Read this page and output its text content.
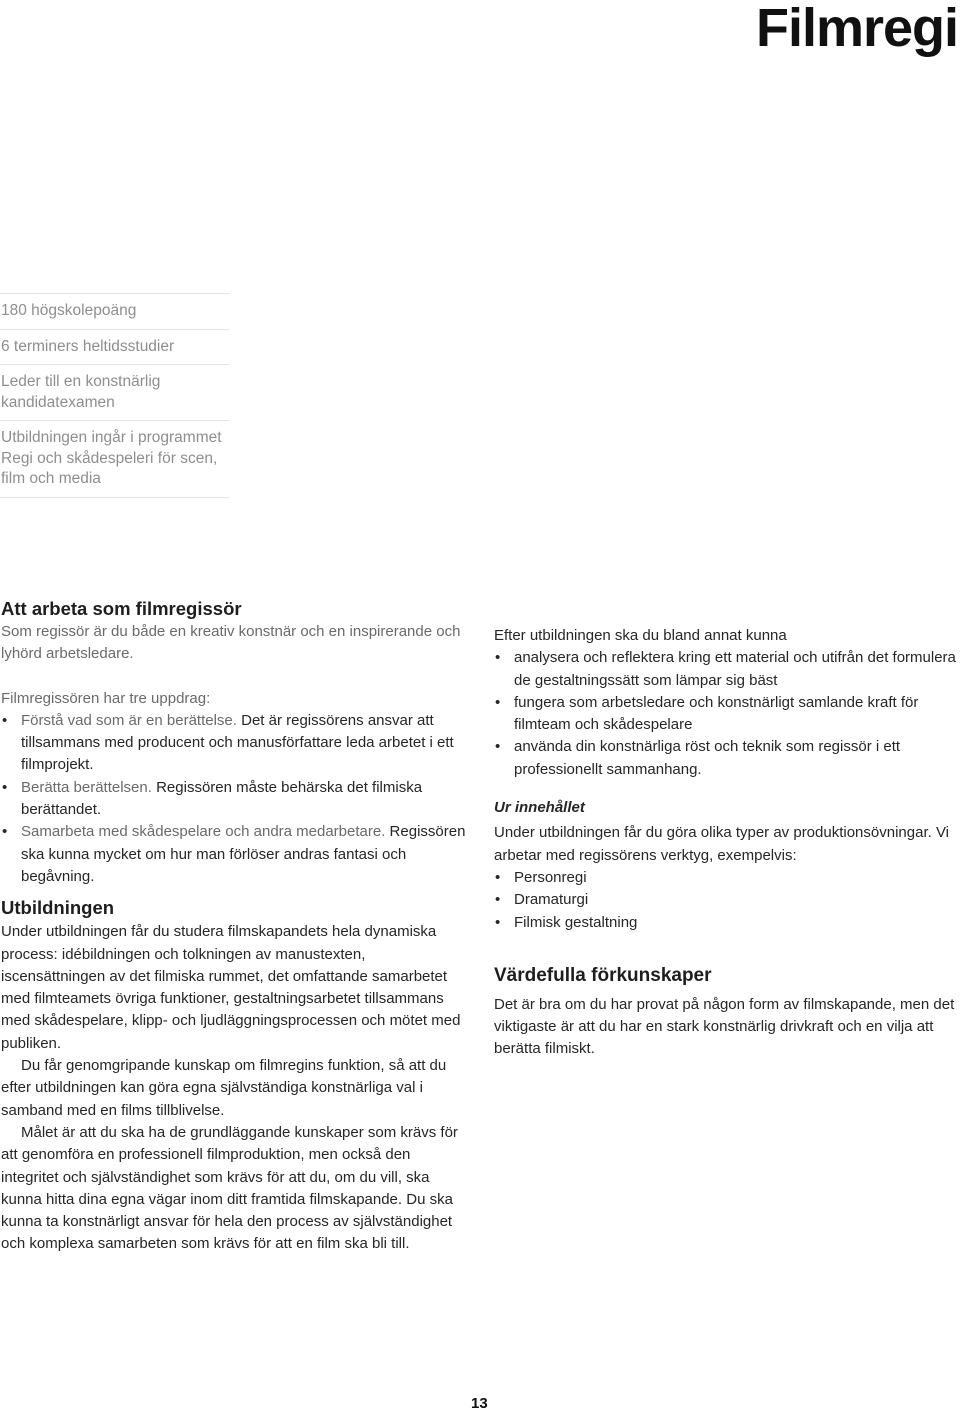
Filmregi
180 högskolepoäng
6 terminers heltidsstudier
Leder till en konstnärlig kandidatexamen
Utbildningen ingår i programmet Regi och skådespeleri för scen, film och media
Att arbeta som filmregissör

Som regissör är du både en kreativ konstnär och en inspirerande och lyhörd arbetsledare.

Filmregissören har tre uppdrag:

• Förstå vad som är en berättelse. Det är regissörens ansvar att tillsammans med producent och manusförfattare leda arbetet i ett filmprojekt.
• Berätta berättelsen. Regissören måste behärska det filmiska berättandet.
• Samarbeta med skådespelare och andra medarbetare. Regissören ska kunna mycket om hur man förlöser andras fantasi och begåvning.
Utbildningen

Under utbildningen får du studera filmskapandets hela dynamiska process: idébildningen och tolkningen av manustexten, iscensättningen av det filmiska rummet, det omfattande samarbetet med filmteamets övriga funktioner, gestaltningsarbetet tillsammans med skådespelare, klipp- och ljudläggningsprocessen och mötet med publiken.

Du får genomgripande kunskap om filmregins funktion, så att du efter utbildningen kan göra egna självständiga konstnärliga val i samband med en films tillblivelse.

Målet är att du ska ha de grundläggande kunskaper som krävs för att genomföra en professionell filmproduktion, men också den integritet och självständighet som krävs för att du, om du vill, ska kunna hitta dina egna vägar inom ditt framtida filmskapande. Du ska kunna ta konstnärligt ansvar för hela den process av självständighet och komplexa samarbeten som krävs för att en film ska bli till.

Efter utbildningen ska du bland annat kunna

• analysera och reflektera kring ett material och utifrån det formulera de gestaltningssätt som lämpar sig bäst
• fungera som arbetsledare och konstnärligt samlande kraft för filmteam och skådespelare
• använda din konstnärliga röst och teknik som regissör i ett professionellt sammanhang.
Ur innehållet

Under utbildningen får du göra olika typer av produktionsövningar. Vi arbetar med regissörens verktyg, exempelvis:

• Personregi
• Dramaturgi
• Filmisk gestaltning
Värdefulla förkunskaper

Det är bra om du har provat på någon form av filmskapande, men det viktigaste är att du har en stark konstnärlig drivkraft och en vilja att berätta filmiskt.

13
